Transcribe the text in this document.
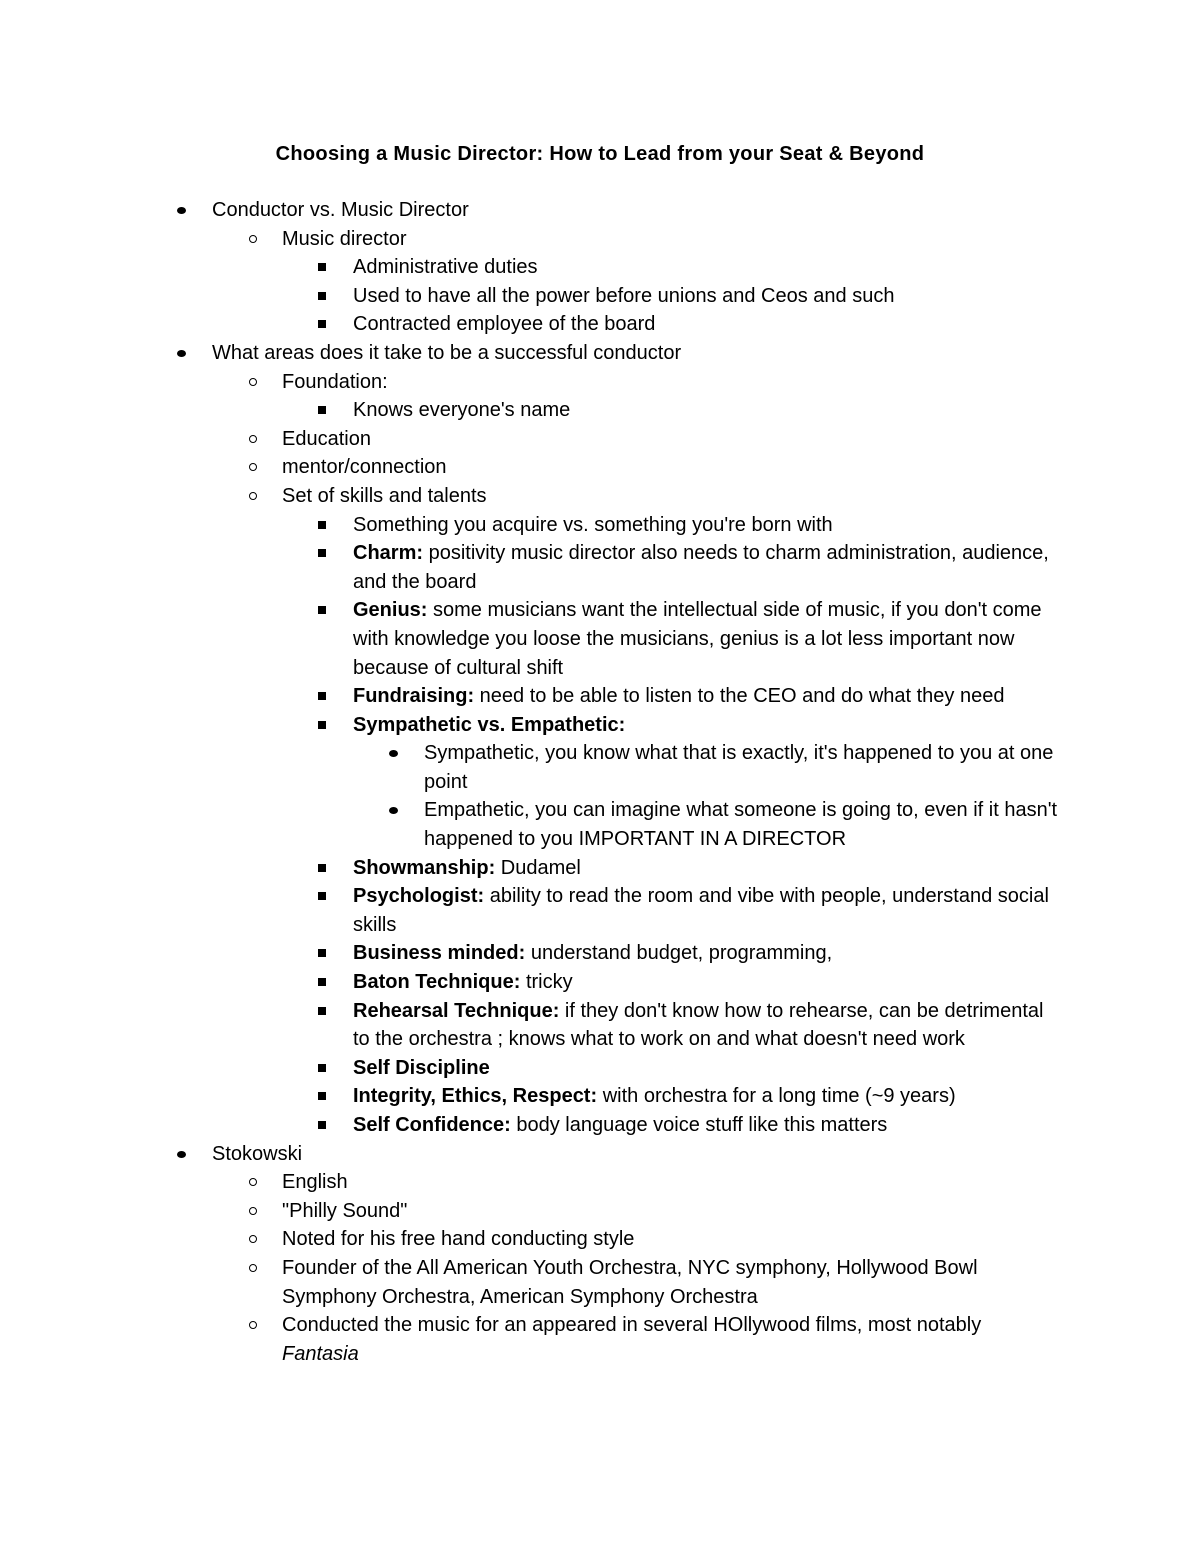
Choosing a Music Director: How to Lead from your Seat & Beyond
Conductor vs. Music Director
Music director
Administrative duties
Used to have all the power before unions and Ceos and such
Contracted employee of the board
What areas does it take to be a successful conductor
Foundation:
Knows everyone's name
Education
mentor/connection
Set of skills and talents
Something you acquire vs. something you're born with
Charm: positivity music director also needs to charm administration, audience, and the board
Genius: some musicians want the intellectual side of music, if you don't come with knowledge you loose the musicians, genius is a lot less important now because of cultural shift
Fundraising: need to be able to listen to the CEO and do what they need
Sympathetic vs. Empathetic:
Sympathetic, you know what that is exactly, it's happened to you at one point
Empathetic, you can imagine what someone is going to, even if it hasn't happened to you IMPORTANT IN A DIRECTOR
Showmanship: Dudamel
Psychologist: ability to read the room and vibe with people, understand social skills
Business minded: understand budget, programming,
Baton Technique: tricky
Rehearsal Technique: if they don't know how to rehearse, can be detrimental to the orchestra ; knows what to work on and what doesn't need work
Self Discipline
Integrity, Ethics, Respect: with orchestra for a long time (~9 years)
Self Confidence: body language voice stuff like this matters
Stokowski
English
"Philly Sound"
Noted for his free hand conducting style
Founder of the All American Youth Orchestra, NYC symphony, Hollywood Bowl Symphony Orchestra, American Symphony Orchestra
Conducted the music for an appeared in several HOllywood films, most notably Fantasia
